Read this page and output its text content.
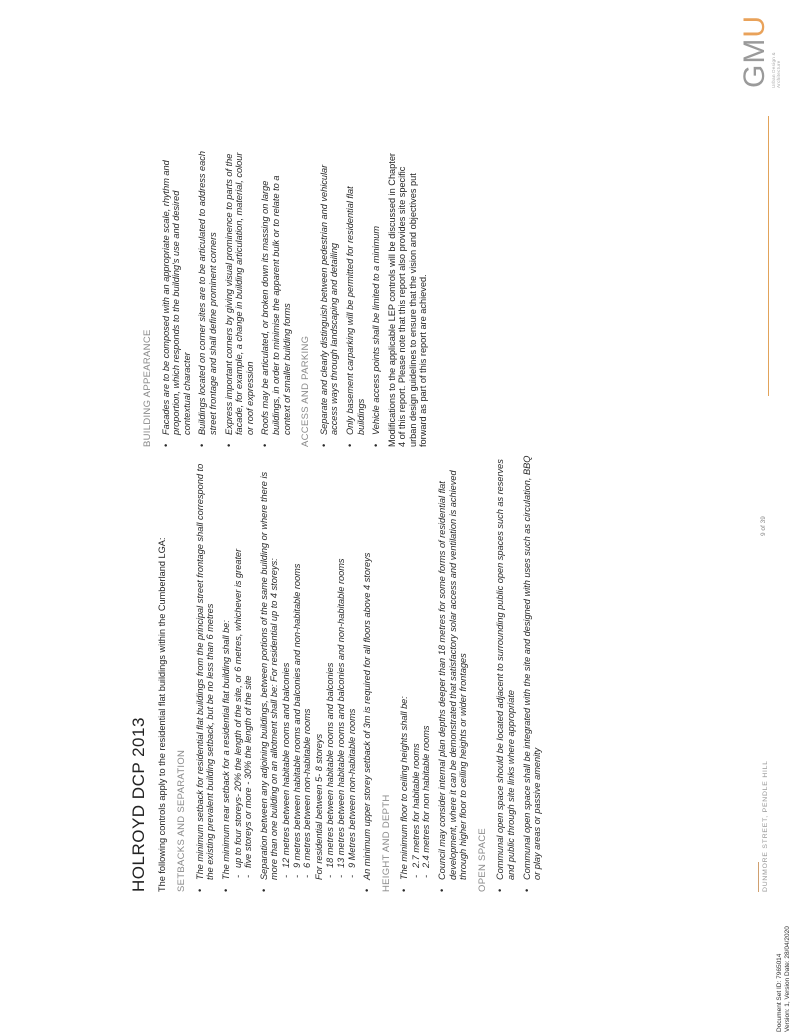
HOLROYD DCP 2013 The following controls apply to the residential flat buildings within the Cumberland LGA: SETBACKS AND SEPARATION • The minimum setback for residential flat buildings from the principal street frontage shall correspond to the existing prevalent building setback, but be no less than 6 metres • The minimum rear setback for a residential flat building shall be: - up to four storeys- 20% the length of the site, or 6 metres, whichever is greater - five storeys or more - 30% the length of the site • Separation between any adjoining buildings, between portions of the same building or where there is more than one building on an allotment shall be: For residential up to 4 storeys: - 12 metres between habitable rooms and balconies - 9 metres between habitable rooms and balconies and non-habitable rooms - 6 metres between non-habitable rooms For residential between 5- 8 storeys - 18 metres between habitable rooms and balconies - 13 metres between habitable rooms and balconies and non-habitable rooms - 9 Metres between non-habitable rooms • An minimum upper storey setback of 3m is required for all floors above 4 storeys HEIGHT AND DEPTH • The minimum floor to ceiling heights shall be: - 2.7 metres for habitable rooms - 2.4 metres for non habitable rooms • Council may consider internal plan depths deeper than 18 metres for some forms of residential flat development, where it can be demonstrated that satisfactory solar access and ventilation is achieved through higher floor to ceiling heights or wider frontages OPEN SPACE • Communal open space should be located adjacent to surrounding public open spaces such as reserves and public through site links where appropriate • Communal open space shall be integrated with the site and designed with uses such as circulation, BBQ or play areas or passive amenity
BUILDING APPEARANCE • Facades are to be composed with an appropriate scale, rhythm and proportion, which responds to the building's use and desired contextual character • Buildings located on corner sites are to be articulated to address each street frontage and shall define prominent corners • Express important corners by giving visual prominence to parts of the facade, for example, a change in building articulation, material, colour or roof expression • Roofs may be articulated, or broken down its massing on large buildings, in order to minimise the apparent bulk or to relate to a context of smaller building forms ACCESS AND PARKING • Separate and clearly distinguish between pedestrian and vehicular access ways through landscaping and detailing • Only basement carparking will be permitted for residential flat buildings • Vehicle access points shall be limited to a minimum Modifications to the applicable LEP controls will be discussed in Chapter 4 of this report. Please note that this report also provides site specific urban design guidelines to ensure that the vision and objectives put forward as part of this report are achieved.

DUNMORE STREET, PENDLE HILL
9 of 39
Document Set ID: 7965014 Version: 1, Version Date: 28/04/2020
GMU
Urban Design & Architecture
